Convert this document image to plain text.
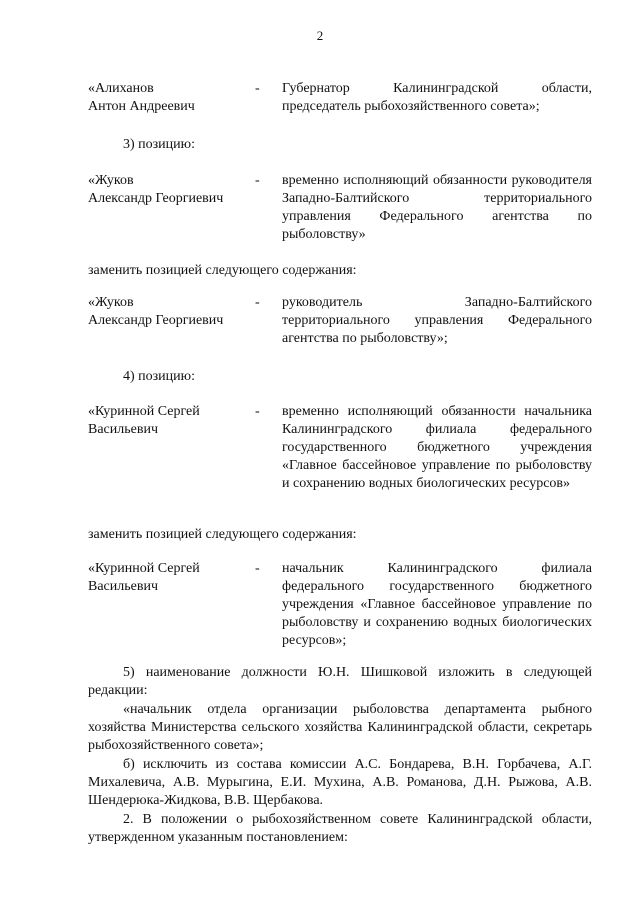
2
«Алиханов
Антон Андреевич
- Губернатор Калининградской области, председатель рыбохозяйственного совета»;
3) позицию:
«Жуков
Александр Георгиевич
- временно исполняющий обязанности руководителя Западно-Балтийского территориального управления Федерального агентства по рыболовству»
заменить позицией следующего содержания:
«Жуков
Александр Георгиевич
- руководитель Западно-Балтийского территориального управления Федерального агентства по рыболовству»;
4) позицию:
«Куринной Сергей
Васильевич
- временно исполняющий обязанности начальника Калининградского филиала федерального государственного бюджетного учреждения «Главное бассейновое управление по рыболовству и сохранению водных биологических ресурсов»
заменить позицией следующего содержания:
«Куринной Сергей
Васильевич
- начальник Калининградского филиала федерального государственного бюджетного учреждения «Главное бассейновое управление по рыболовству и сохранению водных биологических ресурсов»;
5) наименование должности Ю.Н. Шишковой изложить в следующей редакции:
«начальник отдела организации рыболовства департамента рыбного хозяйства Министерства сельского хозяйства Калининградской области, секретарь рыбохозяйственного совета»;
б) исключить из состава комиссии А.С. Бондарева, В.Н. Горбачева, А.Г. Михалевича, А.В. Мурыгина, Е.И. Мухина, А.В. Романова, Д.Н. Рыжова, А.В. Шендерюка-Жидкова, В.В. Щербакова.
2. В положении о рыбохозяйственном совете Калининградской области, утвержденном указанным постановлением:
